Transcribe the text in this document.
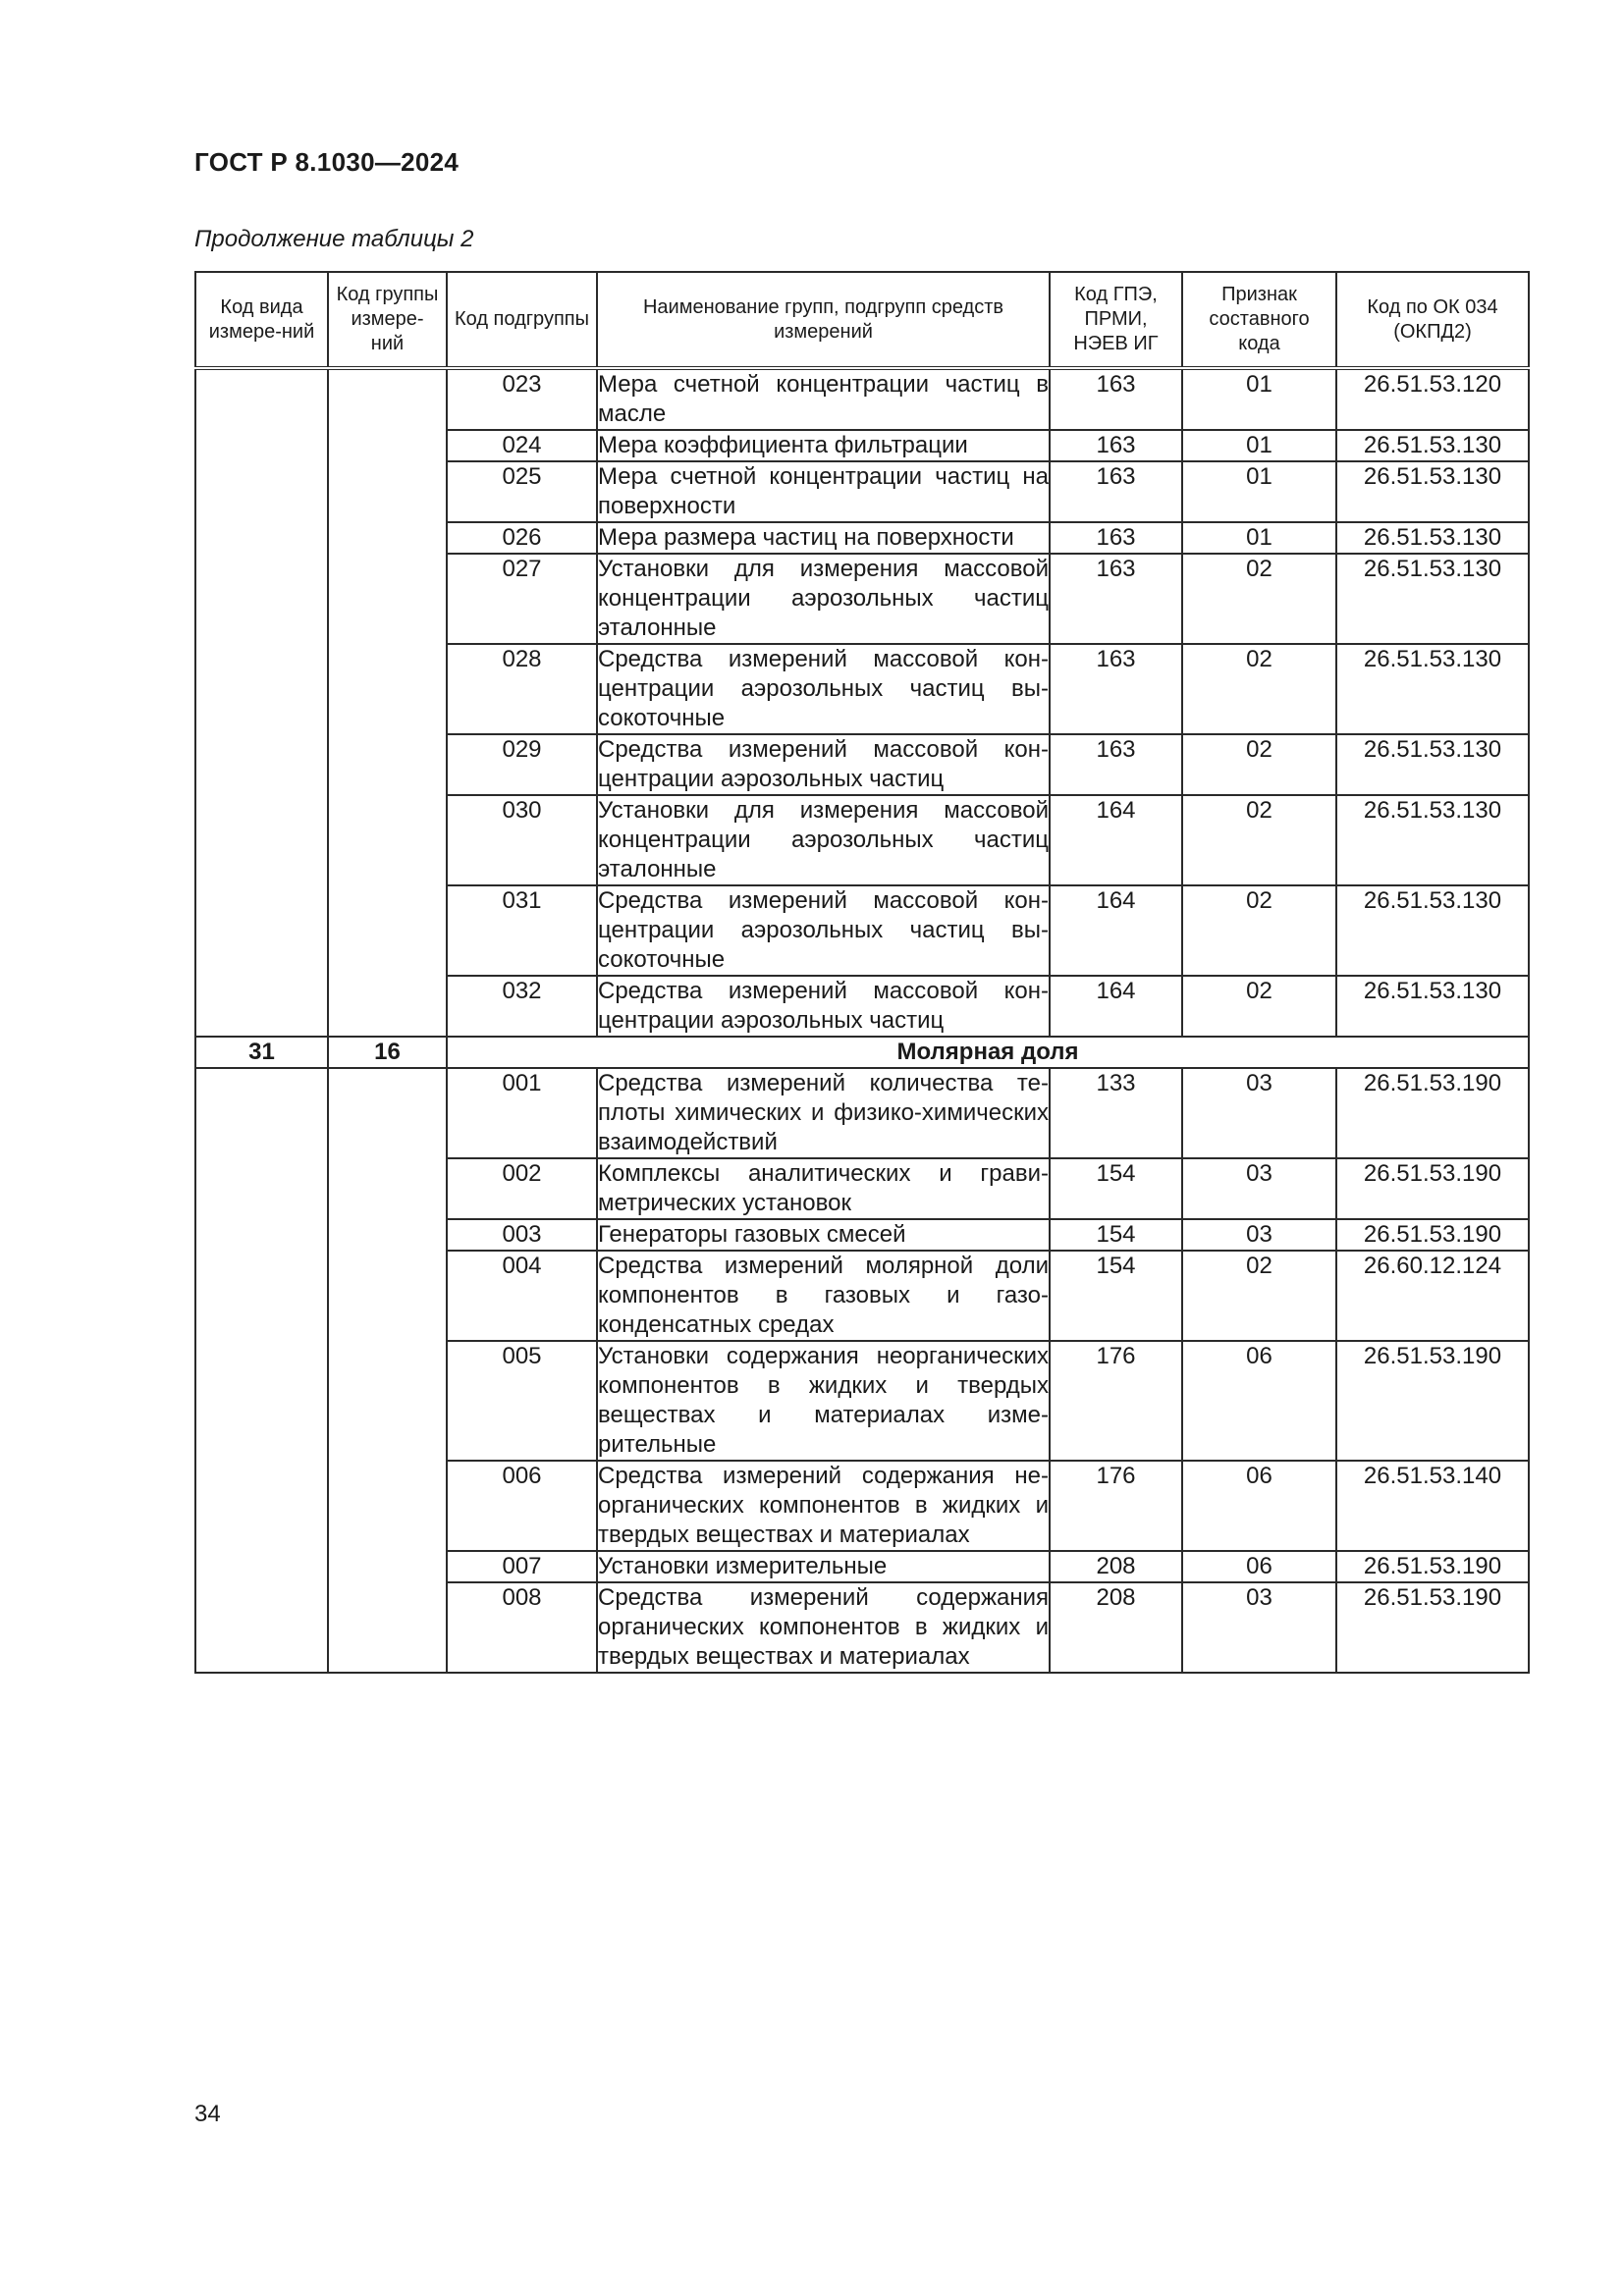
ГОСТ Р 8.1030—2024
Продолжение таблицы 2
Код вида измере-ний	Код группы измере-ний	Код подгруппы	Наименование групп, подгрупп средств измерений	Код ГПЭ, ПРМИ, НЭЕВ ИГ	Признак составного кода	Код по ОК 034 (ОКПД2)
		023	Мера счетной концентрации частиц в масле	163	01	26.51.53.120
		024	Мера коэффициента фильтрации	163	01	26.51.53.130
		025	Мера счетной концентрации частиц на поверхности	163	01	26.51.53.130
		026	Мера размера частиц на поверхности	163	01	26.51.53.130
		027	Установки для измерения массовой концентрации аэрозольных частиц эталонные	163	02	26.51.53.130
		028	Средства измерений массовой концентрации аэрозольных частиц высокоточные	163	02	26.51.53.130
		029	Средства измерений массовой концентрации аэрозольных частиц	163	02	26.51.53.130
		030	Установки для измерения массовой концентрации аэрозольных частиц эталонные	164	02	26.51.53.130
		031	Средства измерений массовой концентрации аэрозольных частиц высокоточные	164	02	26.51.53.130
		032	Средства измерений массовой концентрации аэрозольных частиц	164	02	26.51.53.130
31	16	Молярная доля				
		001	Средства измерений количества теплоты химических и физико-химических взаимодействий	133	03	26.51.53.190
		002	Комплексы аналитических и гравиметрических установок	154	03	26.51.53.190
		003	Генераторы газовых смесей	154	03	26.51.53.190
		004	Средства измерений молярной доли компонентов в газовых и газоконденсатных средах	154	02	26.60.12.124
		005	Установки содержания неорганических компонентов в жидких и твердых веществах и материалах измерительные	176	06	26.51.53.190
		006	Средства измерений содержания неорганических компонентов в жидких и твердых веществах и материалах	176	06	26.51.53.140
		007	Установки измерительные	208	06	26.51.53.190
		008	Средства измерений содержания органических компонентов в жидких и твердых веществах и материалах	208	03	26.51.53.190
34
